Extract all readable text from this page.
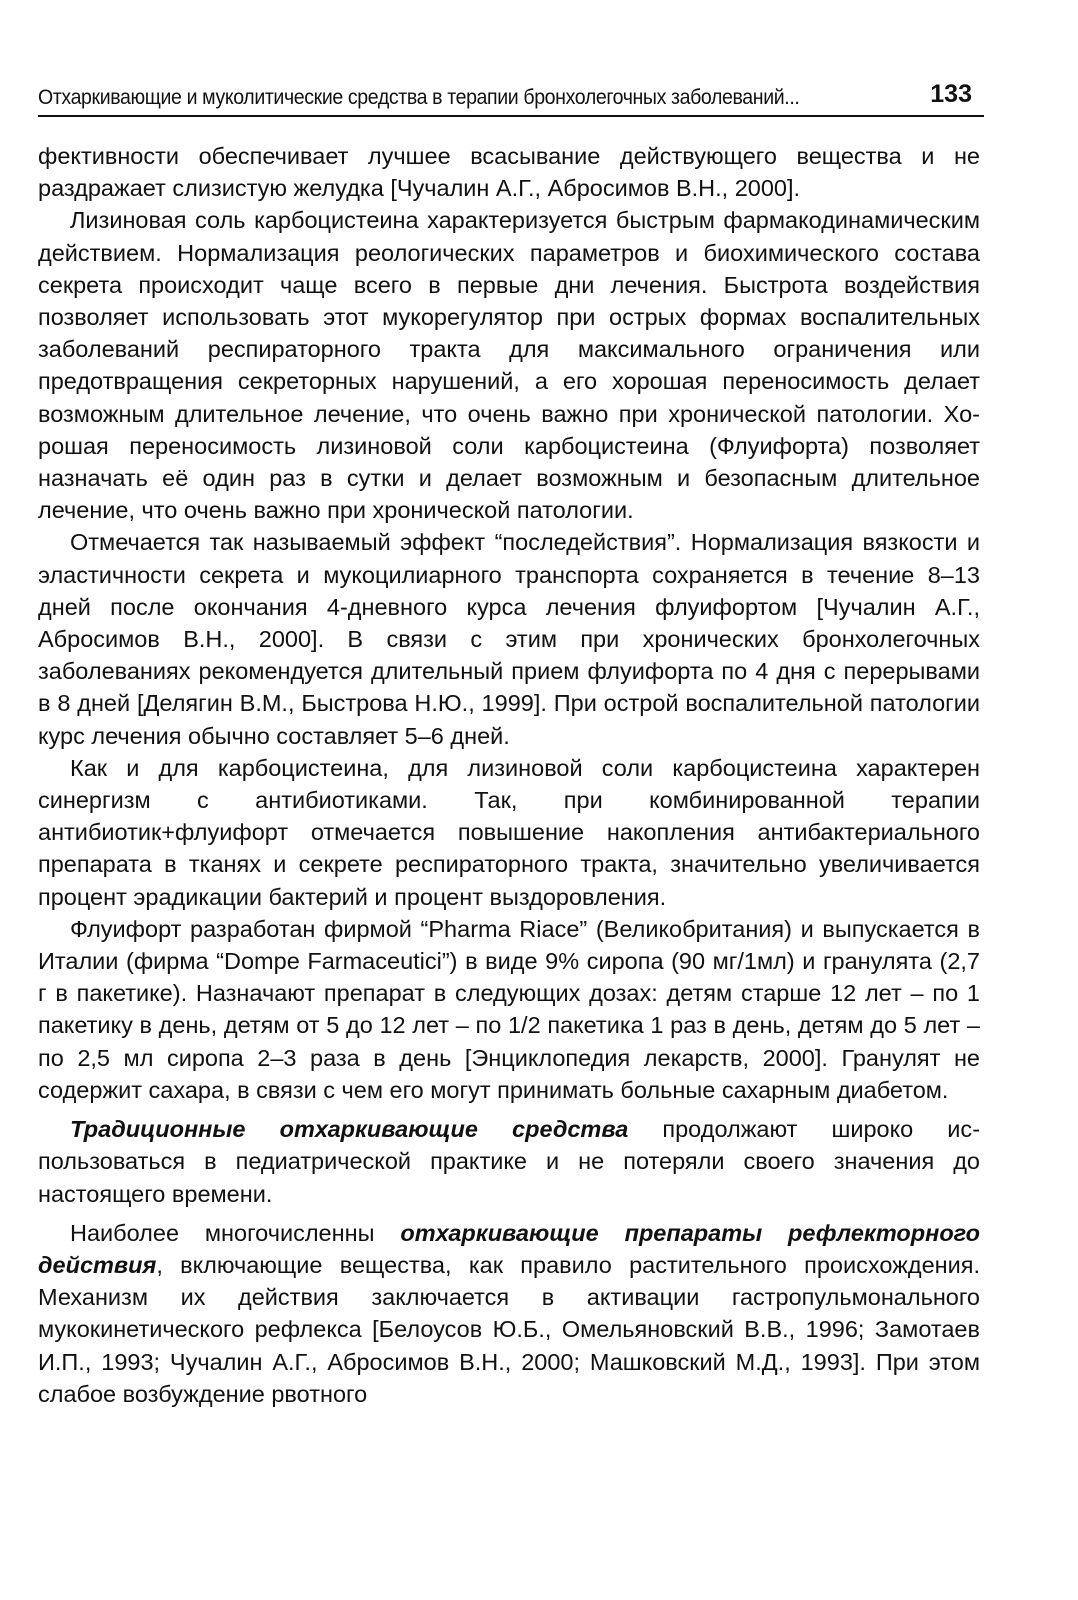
Отхаркивающие и муколитические средства в терапии бронхолегочных заболеваний...	133

фективности обеспечивает лучшее всасывание действующего вещества и не раздражает слизистую желудка [Чучалин А.Г., Абросимов В.Н., 2000].

Лизиновая соль карбоцистеина характеризуется быстрым фармакодинамическим действием. Нормализация реологических параметров и биохимического состава секрета происходит чаще всего в первые дни лечения. Быстрота воздействия позволяет использовать этот мукорегулятор при острых формах воспалительных заболеваний респираторного тракта для максимального ограничения или предотвращения секреторных нарушений, а его хорошая переносимость делает возможным длительное лечение, что очень важно при хронической патологии. Хорошая переносимость лизиновой соли карбоцистеина (Флуифорта) позволяет назначать её один раз в сутки и делает возможным и безопасным длительное лечение, что очень важно при хронической патологии.

Отмечается так называемый эффект “последействия”. Нормализация вязкости и эластичности секрета и мукоцилиарного транспорта сохраняется в течение 8–13 дней после окончания 4-дневного курса лечения флуифортом [Чучалин А.Г., Абросимов В.Н., 2000]. В связи с этим при хронических бронхолегочных заболеваниях рекомендуется длительный прием флуифорта по 4 дня с перерывами в 8 дней [Делягин В.М., Быстрова Н.Ю., 1999]. При острой воспалительной патологии курс лечения обычно составляет 5–6 дней.

Как и для карбоцистеина, для лизиновой соли карбоцистеина характерен синергизм с антибиотиками. Так, при комбинированной терапии антибиотик+флуифорт отмечается повышение накопления антибактериального препарата в тканях и секрете респираторного тракта, значительно увеличивается процент эрадикации бактерий и процент выздоровления.

Флуифорт разработан фирмой “Pharma Riace” (Великобритания) и выпускается в Италии (фирма “Dompe Farmaceutici”) в виде 9% сиропа (90 мг/1мл) и гранулята (2,7 г в пакетике). Назначают препарат в следующих дозах: детям старше 12 лет – по 1 пакетику в день, детям от 5 до 12 лет – по 1/2 пакетика 1 раз в день, детям до 5 лет – по 2,5 мл сиропа 2–3 раза в день [Энциклопедия лекарств, 2000]. Гранулят не содержит сахара, в связи с чем его могут принимать больные сахарным диабетом.

Традиционные отхаркивающие средства продолжают широко использоваться в педиатрической практике и не потеряли своего значения до настоящего времени.

Наиболее многочисленны отхаркивающие препараты рефлекторного действия, включающие вещества, как правило растительного происхождения. Механизм их действия заключается в активации гастропульмонального мукокинетического рефлекса [Белоусов Ю.Б., Омельяновский В.В., 1996; Замотаев И.П., 1993; Чучалин А.Г., Абросимов В.Н., 2000; Машковский М.Д., 1993]. При этом слабое возбуждение рвотного
